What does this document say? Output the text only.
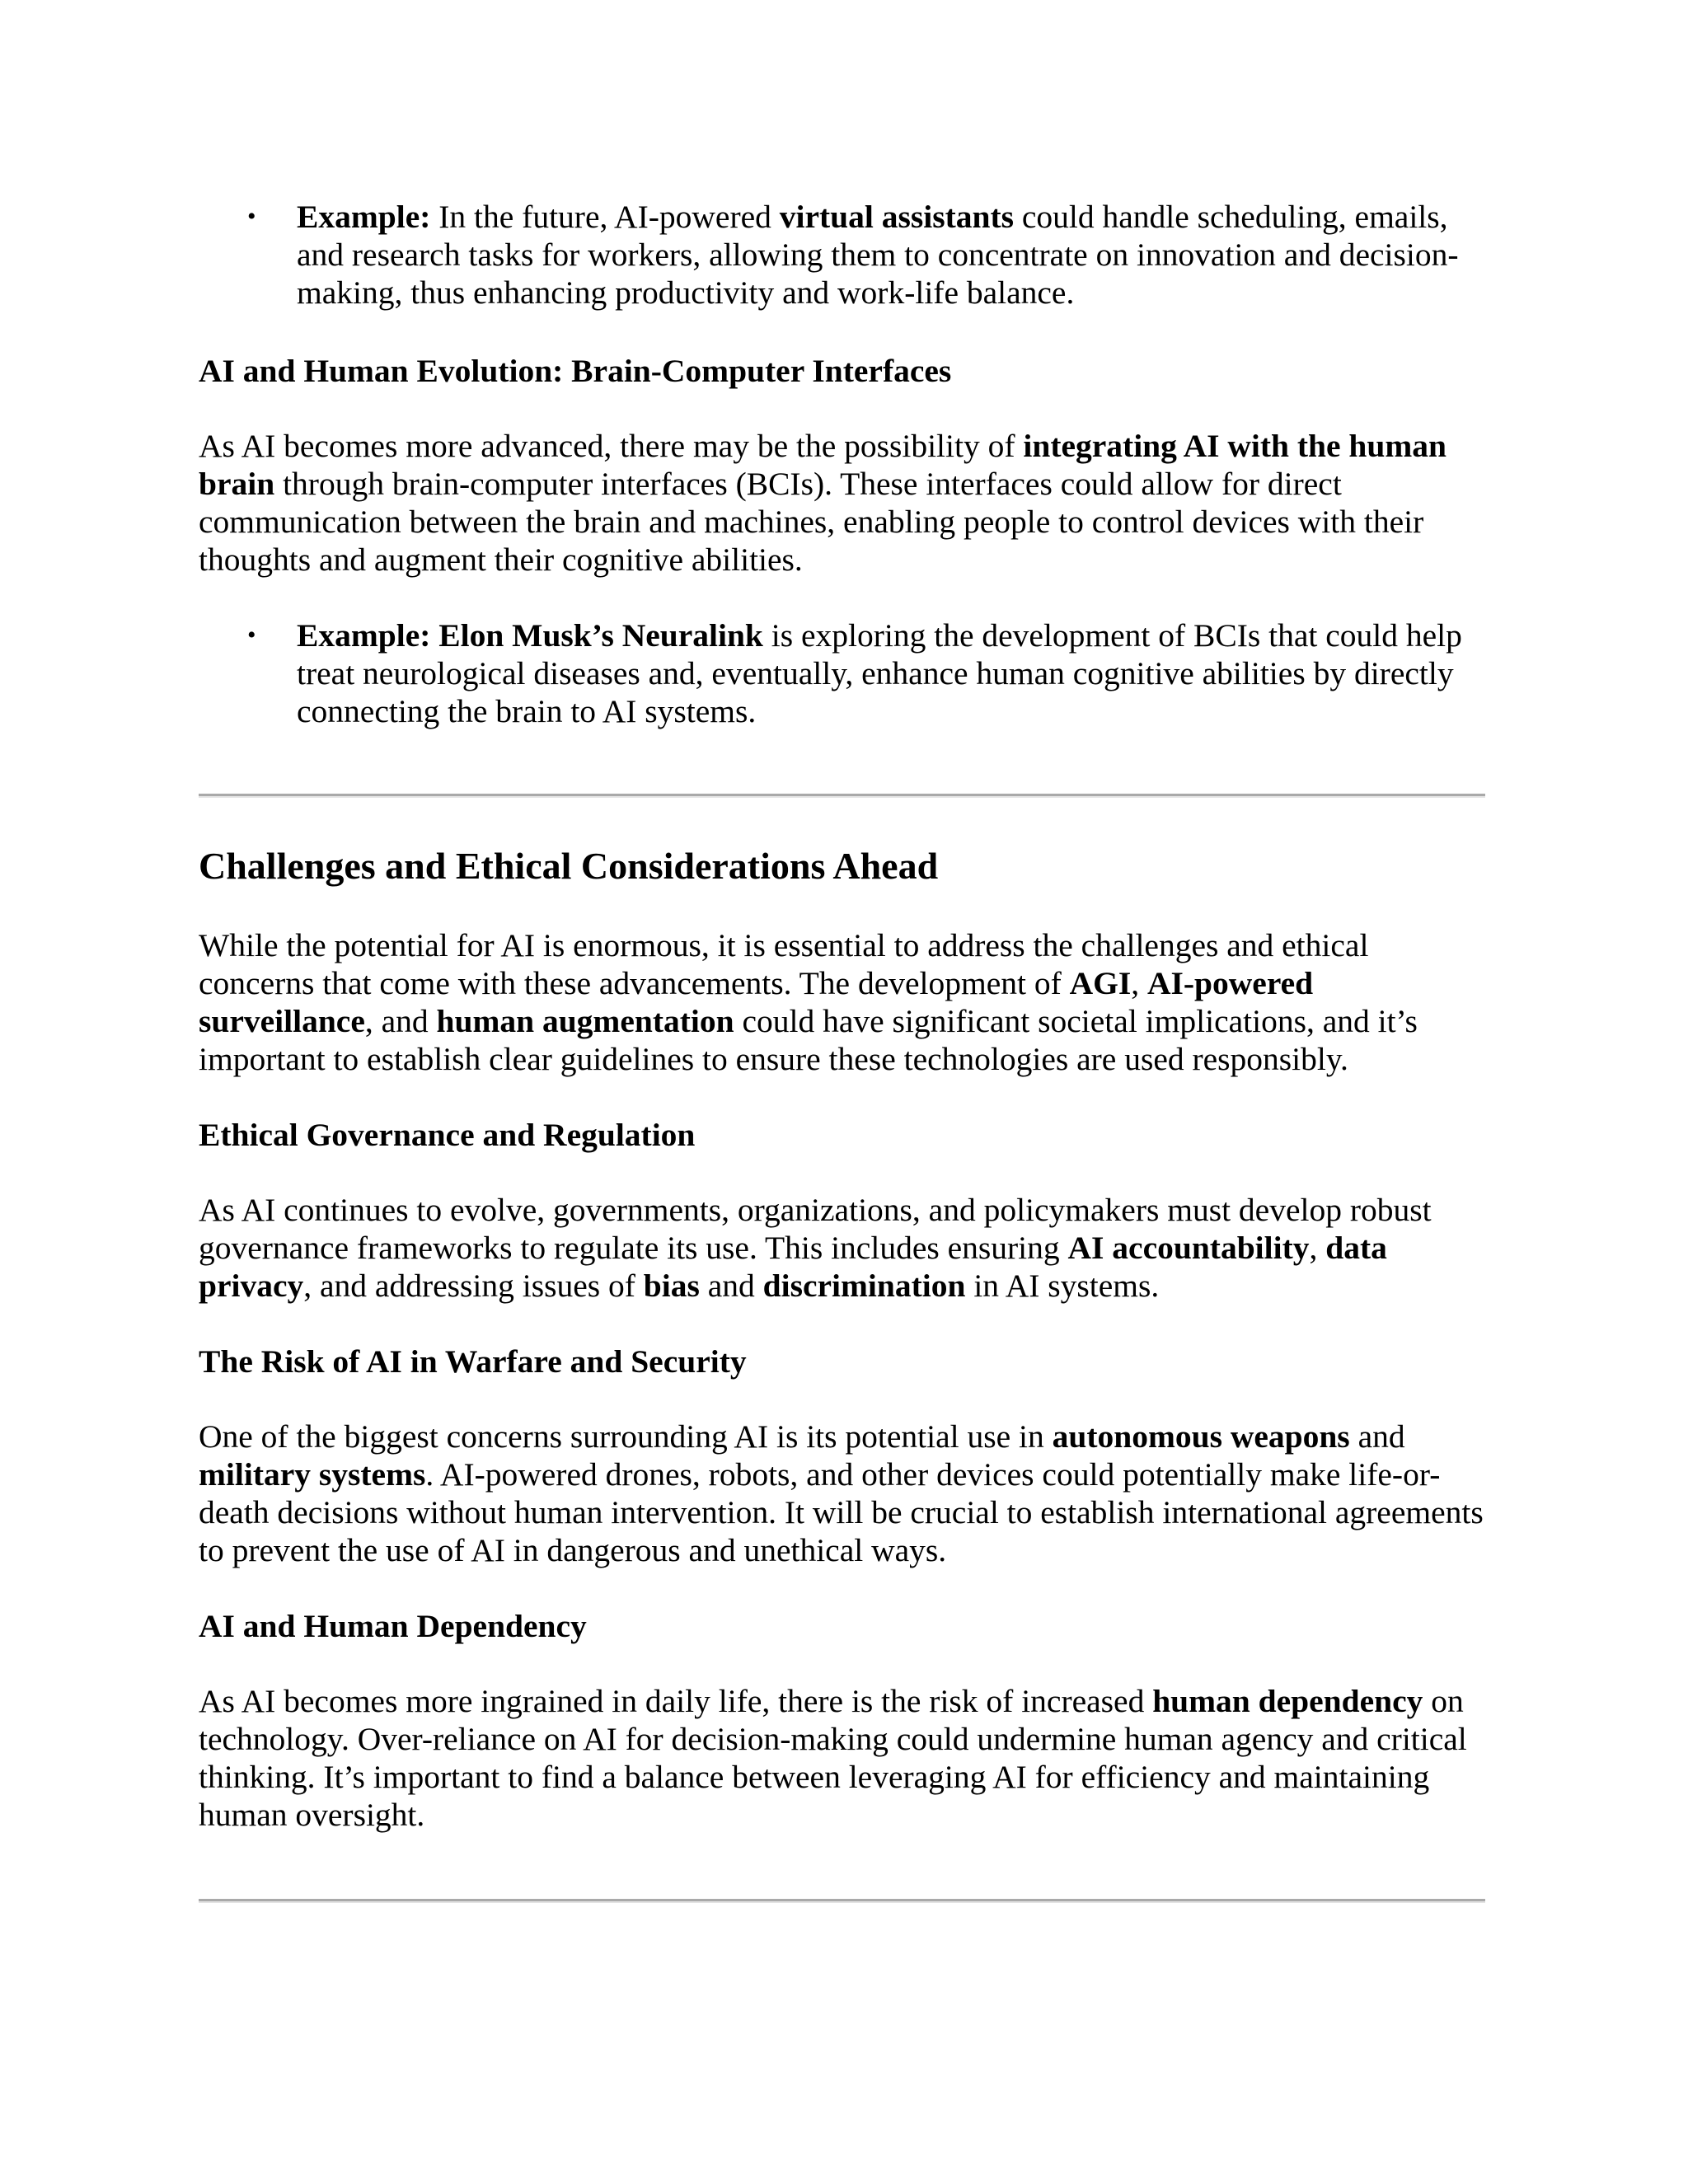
• Example: In the future, AI-powered virtual assistants could handle scheduling, emails, and research tasks for workers, allowing them to concentrate on innovation and decision-making, thus enhancing productivity and work-life balance.
AI and Human Evolution: Brain-Computer Interfaces

As AI becomes more advanced, there may be the possibility of integrating AI with the human brain through brain-computer interfaces (BCIs). These interfaces could allow for direct communication between the brain and machines, enabling people to control devices with their thoughts and augment their cognitive abilities.

• Example: Elon Musk’s Neuralink is exploring the development of BCIs that could help treat neurological diseases and, eventually, enhance human cognitive abilities by directly connecting the brain to AI systems.
Challenges and Ethical Considerations Ahead

While the potential for AI is enormous, it is essential to address the challenges and ethical concerns that come with these advancements. The development of AGI, AI-powered surveillance, and human augmentation could have significant societal implications, and it’s important to establish clear guidelines to ensure these technologies are used responsibly.

Ethical Governance and Regulation

As AI continues to evolve, governments, organizations, and policymakers must develop robust governance frameworks to regulate its use. This includes ensuring AI accountability, data privacy, and addressing issues of bias and discrimination in AI systems.

The Risk of AI in Warfare and Security

One of the biggest concerns surrounding AI is its potential use in autonomous weapons and military systems. AI-powered drones, robots, and other devices could potentially make life-or-death decisions without human intervention. It will be crucial to establish international agreements to prevent the use of AI in dangerous and unethical ways.

AI and Human Dependency

As AI becomes more ingrained in daily life, there is the risk of increased human dependency on technology. Over-reliance on AI for decision-making could undermine human agency and critical thinking. It’s important to find a balance between leveraging AI for efficiency and maintaining human oversight.
